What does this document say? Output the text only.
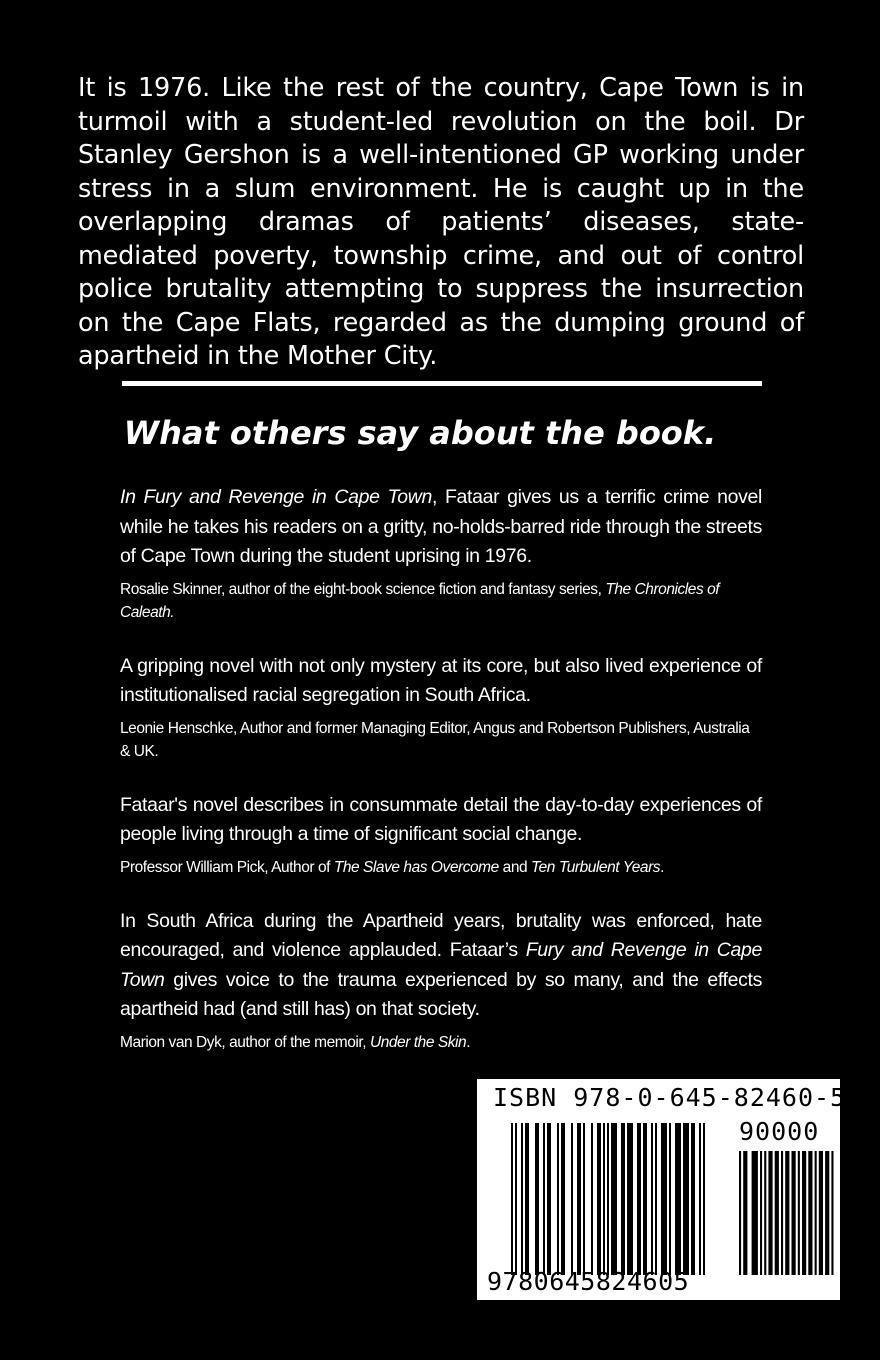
It is 1976. Like the rest of the country, Cape Town is in turmoil with a student-led revolution on the boil. Dr Stanley Gershon is a well-intentioned GP working under stress in a slum environment. He is caught up in the overlapping dramas of patients’ diseases, state-mediated poverty, township crime, and out of control police brutality attempting to suppress the insurrection on the Cape Flats, regarded as the dumping ground of apartheid in the Mother City.

What others say about the book.

In Fury and Revenge in Cape Town, Fataar gives us a terrific crime novel while he takes his readers on a gritty, no-holds-barred ride through the streets of Cape Town during the student uprising in 1976.

Rosalie Skinner, author of the eight-book science fiction and fantasy series, The Chronicles of Caleath.

A gripping novel with not only mystery at its core, but also lived experience of institutionalised racial segregation in South Africa.

Leonie Henschke, Author and former Managing Editor, Angus and Robertson Publishers, Australia & UK.

Fataar's novel describes in consummate detail the day-to-day experiences of people living through a time of significant social change.

Professor William Pick, Author of The Slave has Overcome and Ten Turbulent Years.

In South Africa during the Apartheid years, brutality was enforced, hate encouraged, and violence applauded. Fataar’s Fury and Revenge in Cape Town gives voice to the trauma experienced by so many, and the effects apartheid had (and still has) on that society.

Marion van Dyk, author of the memoir, Under the Skin.

ISBN 978-0-645-82460-5
90000
9780645824605
